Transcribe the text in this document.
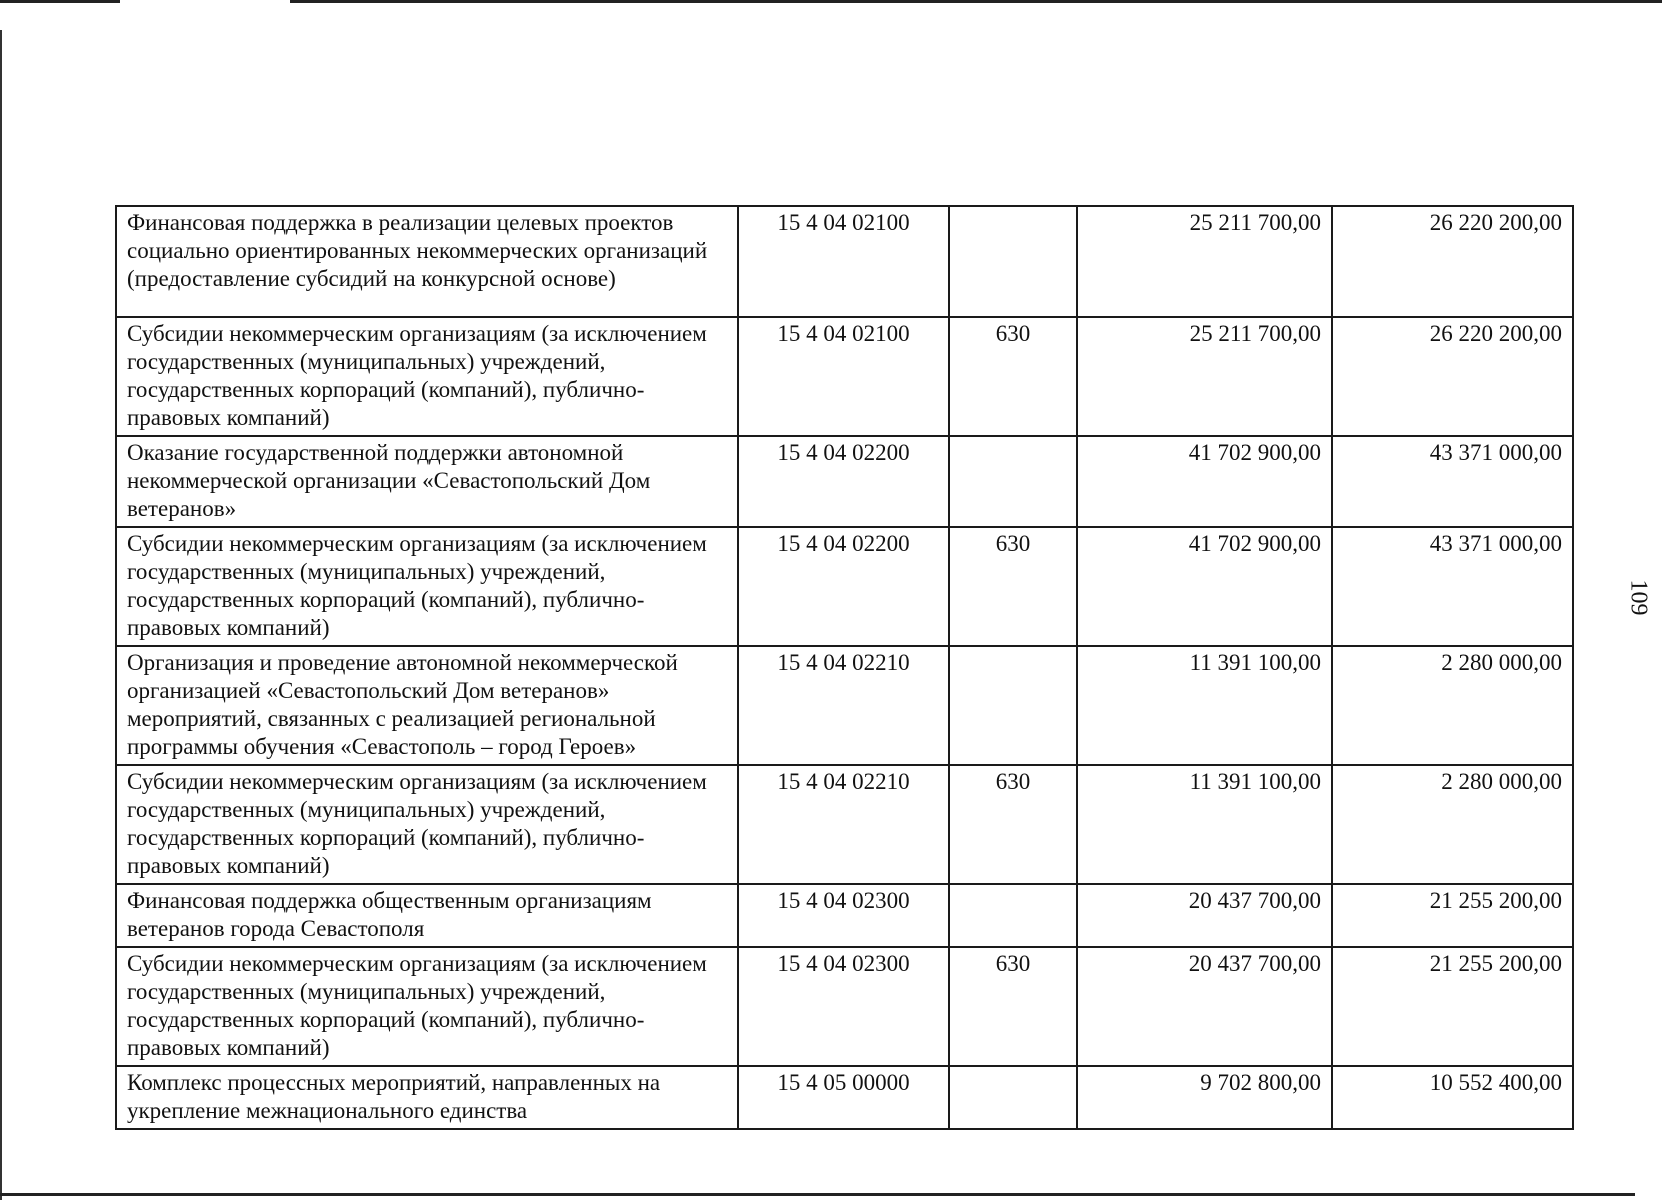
109
Финансовая поддержка в реализации целевых проектов социально ориентированных некоммерческих организаций (предоставление субсидий на конкурсной основе)	15 4 04 02100		25 211 700,00	26 220 200,00
Субсидии некоммерческим организациям (за исключением государственных (муниципальных) учреждений, государственных корпораций (компаний), публично-правовых компаний)	15 4 04 02100	630	25 211 700,00	26 220 200,00
Оказание государственной поддержки автономной некоммерческой организации «Севастопольский Дом ветеранов»	15 4 04 02200		41 702 900,00	43 371 000,00
Субсидии некоммерческим организациям (за исключением государственных (муниципальных) учреждений, государственных корпораций (компаний), публично-правовых компаний)	15 4 04 02200	630	41 702 900,00	43 371 000,00
Организация и проведение автономной некоммерческой организацией «Севастопольский Дом ветеранов» мероприятий, связанных с реализацией региональной программы обучения «Севастополь – город Героев»	15 4 04 02210		11 391 100,00	2 280 000,00
Субсидии некоммерческим организациям (за исключением государственных (муниципальных) учреждений, государственных корпораций (компаний), публично-правовых компаний)	15 4 04 02210	630	11 391 100,00	2 280 000,00
Финансовая поддержка общественным организациям ветеранов города Севастополя	15 4 04 02300		20 437 700,00	21 255 200,00
Субсидии некоммерческим организациям (за исключением государственных (муниципальных) учреждений, государственных корпораций (компаний), публично-правовых компаний)	15 4 04 02300	630	20 437 700,00	21 255 200,00
Комплекс процессных мероприятий, направленных на укрепление межнационального единства	15 4 05 00000		9 702 800,00	10 552 400,00
